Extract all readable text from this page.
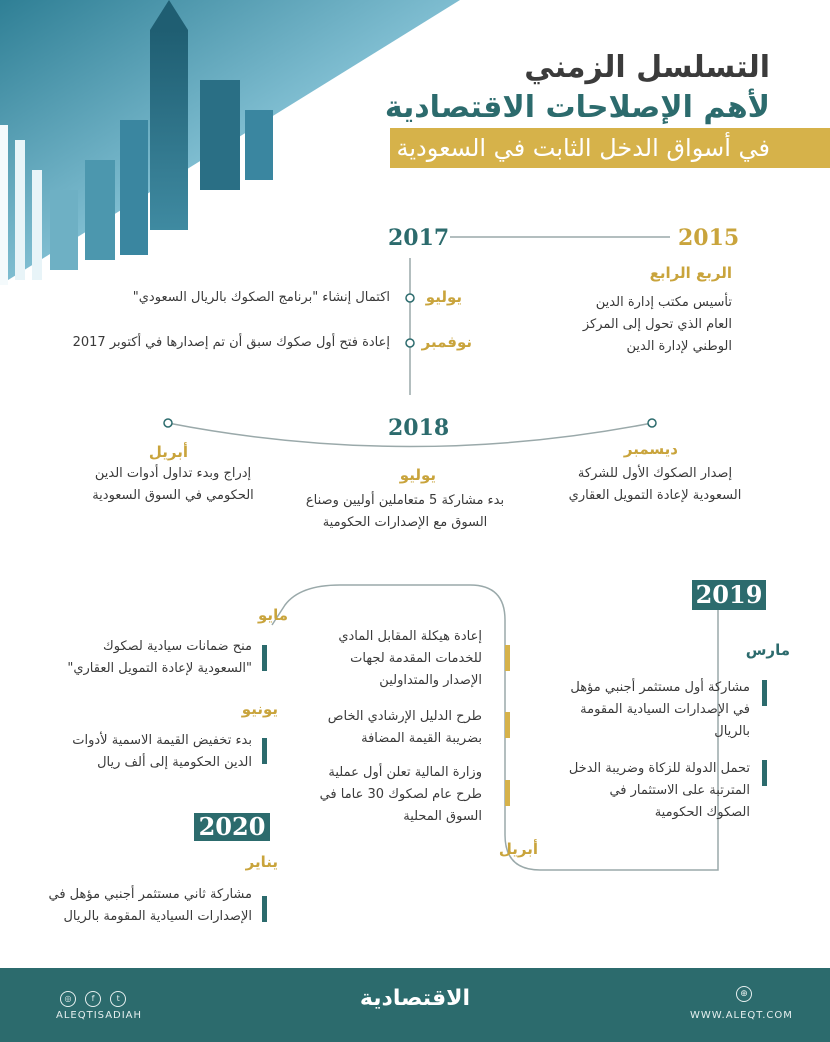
التسلسل الزمني
لأهم الإصلاحات الاقتصادية
في أسواق الدخل الثابت في السعودية
2015
الربع الرابع
تأسيس مكتب إدارة الدين العام الذي تحول إلى المركز الوطني لإدارة الدين
2017
يوليو
اكتمال إنشاء "برنامج الصكوك بالريال السعودي"
نوفمبر
إعادة فتح أول صكوك سبق أن تم إصدارها في أكتوبر 2017
2018
ديسمبر
إصدار الصكوك الأول للشركة السعودية لإعادة التمويل العقاري
يوليو
بدء مشاركة 5 متعاملين أوليين وصناع السوق مع الإصدارات الحكومية
أبريل
إدراج وبدء تداول أدوات الدين الحكومي في السوق السعودية
2019
مارس
مشاركة أول مستثمر أجنبي مؤهل في الإصدارات السيادية المقومة بالريال
تحمل الدولة للزكاة وضريبة الدخل المترتبة على الاستثمار في الصكوك الحكومية
أبريل
إعادة هيكلة المقابل المادي للخدمات المقدمة لجهات الإصدار والمتداولين
طرح الدليل الإرشادي الخاص بضريبة القيمة المضافة
وزارة المالية تعلن أول عملية طرح عام لصكوك 30 عاما في السوق المحلية
مايو
منح ضمانات سيادية لصكوك "السعودية لإعادة التمويل العقاري"
يونيو
بدء تخفيض القيمة الاسمية لأدوات الدين الحكومية إلى ألف ريال
2020
يناير
مشاركة ثاني مستثمر أجنبي مؤهل في الإصدارات السيادية المقومة بالريال
◎	f	t
ALEQTISADIAH
الاقتصادية	⊕
WWW.ALEQT.COM
